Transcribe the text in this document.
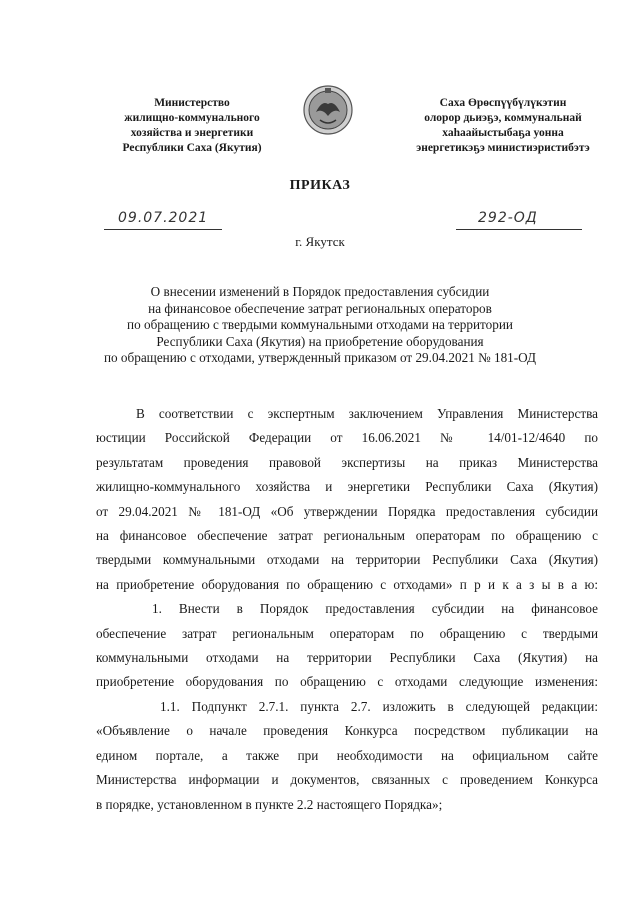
Министерство
жилищно-коммунального
хозяйства и энергетики
Республики Саха (Якутия)
Саха Өрөспүүбүлүкэтин
олорор дьиэҕэ, коммунальнай
хаһаайыстыбаҕа уонна
энергетикэҕэ министиэристибэтэ
ПРИКАЗ
09.07.2021	292-ОД
г. Якутск
О внесении изменений в Порядок предоставления субсидии
на финансовое обеспечение затрат региональных операторов
по обращению с твердыми коммунальными отходами на территории
Республики Саха (Якутия) на приобретение оборудования
по обращению с отходами, утвержденный приказом от 29.04.2021 № 181-ОД
В соответствии с экспертным заключением Управления Министерства
юстиции Российской Федерации от 16.06.2021 № 14/01-12/4640 по
результатам проведения правовой экспертизы на приказ Министерства
жилищно-коммунального хозяйства и энергетики Республики Саха (Якутия)
от 29.04.2021 № 181-ОД «Об утверждении Порядка предоставления субсидии
на финансовое обеспечение затрат региональным операторам по обращению с
твердыми коммунальными отходами на территории Республики Саха (Якутия)
на приобретение оборудования по обращению с отходами» п р и к а з ы в а ю:
1. Внести в Порядок предоставления субсидии на финансовое
обеспечение затрат региональным операторам по обращению с твердыми
коммунальными отходами на территории Республики Саха (Якутия) на
приобретение оборудования по обращению с отходами следующие изменения:
1.1. Подпункт 2.7.1. пункта 2.7. изложить в следующей редакции:
«Объявление о начале проведения Конкурса посредством публикации на
едином портале, а также при необходимости на официальном сайте
Министерства информации и документов, связанных с проведением Конкурса
в порядке, установленном в пункте 2.2 настоящего Порядка»;
